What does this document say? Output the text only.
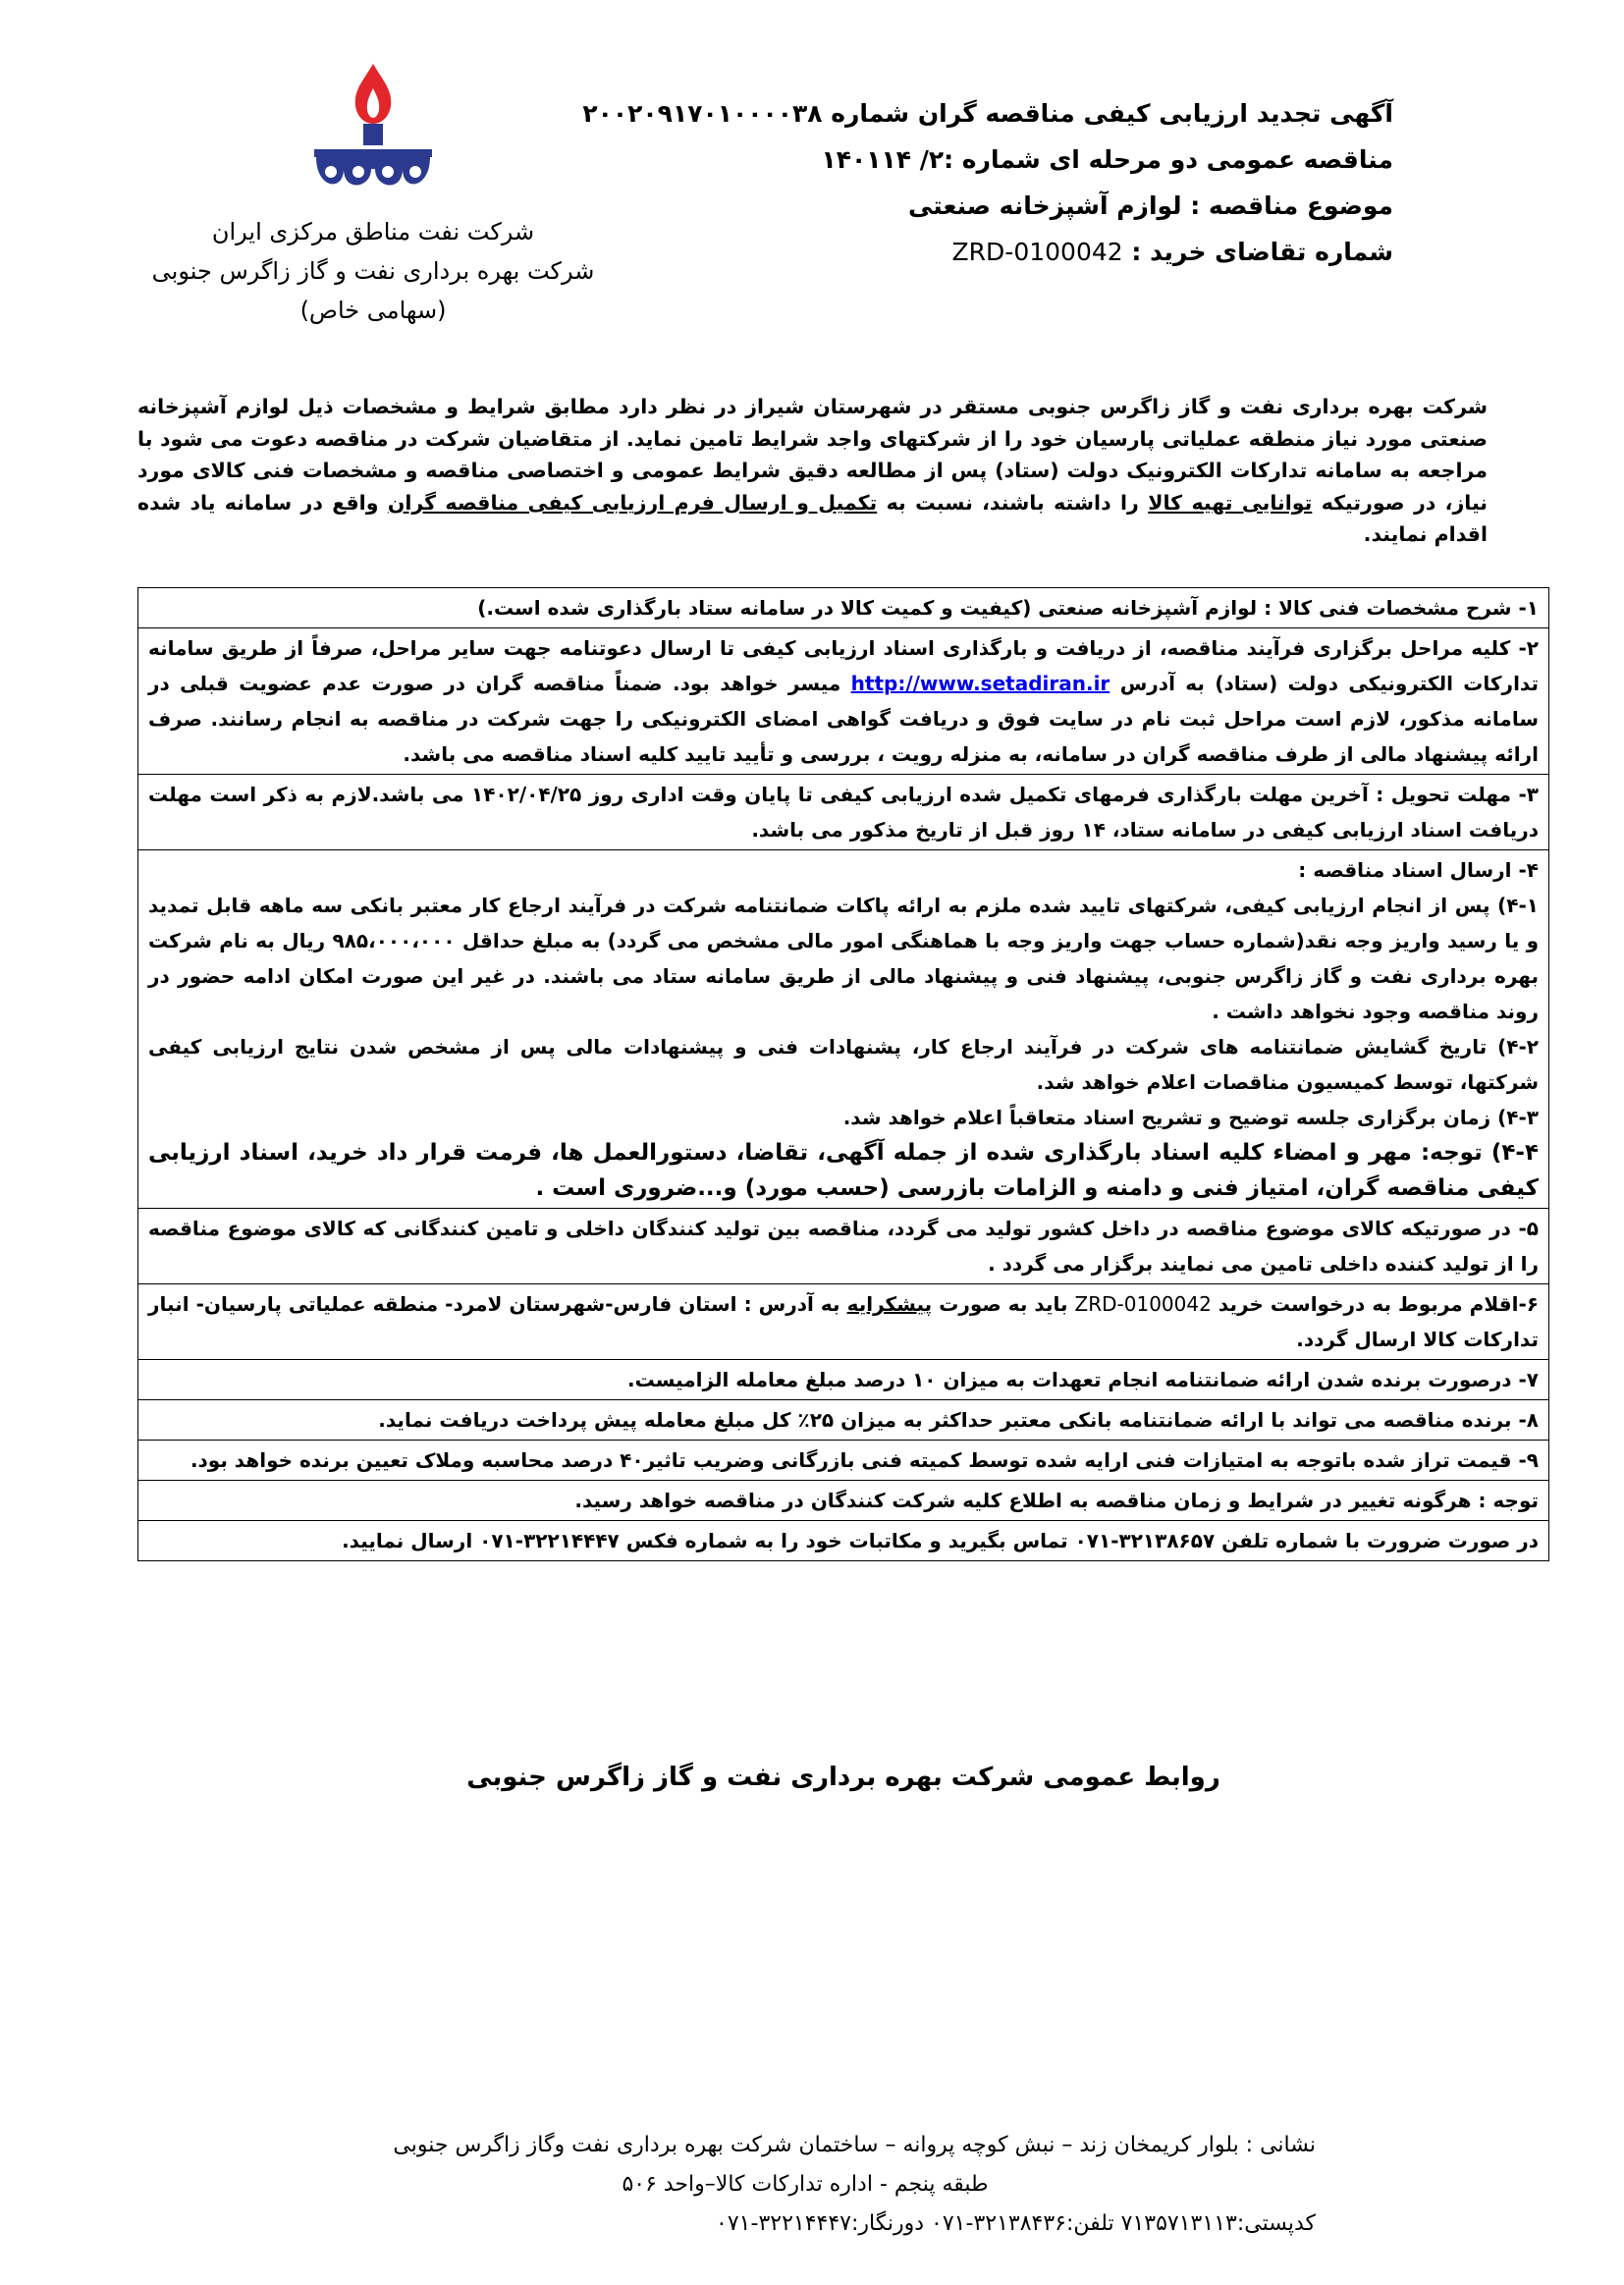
آگهی تجدید ارزیابی کیفی مناقصه گران شماره ۲۰۰۲۰۹۱۷۰۱۰۰۰۰۳۸
مناقصه عمومی دو مرحله ای شماره :۲/ ۱۴۰۱۱۴
موضوع مناقصه : لوازم آشپزخانه صنعتی
شماره تقاضای خرید : ZRD-0100042
شرکت نفت مناطق مرکزی ایران
شرکت بهره برداری نفت و گاز زاگرس جنوبی
(سهامی خاص)
شرکت بهره برداری نفت و گاز زاگرس جنوبی مستقر در شهرستان شیراز در نظر دارد مطابق شرایط و مشخصات ذیل لوازم آشپزخانه صنعتی مورد نیاز منطقه عملیاتی پارسیان خود را از شرکتهای واجد شرایط تامین نماید. از متقاضیان شرکت در مناقصه دعوت می شود با مراجعه به سامانه تدارکات الکترونیک دولت (ستاد) پس از مطالعه دقیق شرایط عمومی و اختصاصی مناقصه و مشخصات فنی کالای مورد نیاز، در صورتیکه توانایی تهیه کالا را داشته باشند، نسبت به تکمیل و ارسال فرم ارزیابی کیفی مناقصه گران واقع در سامانه یاد شده اقدام نمایند.
۱- شرح مشخصات فنی کالا : لوازم آشپزخانه صنعتی (کیفیت و کمیت کالا در سامانه ستاد بارگذاری شده است.)
۲- کلیه مراحل برگزاری فرآیند مناقصه، از دریافت و بارگذاری اسناد ارزیابی کیفی تا ارسال دعوتنامه جهت سایر مراحل، صرفاً از طریق سامانه تدارکات الکترونیکی دولت (ستاد) به آدرس http://www.setadiran.ir میسر خواهد بود. ضمناً مناقصه گران در صورت عدم عضویت قبلی در سامانه مذکور، لازم است مراحل ثبت نام در سایت فوق و دریافت گواهی امضای الکترونیکی را جهت شرکت در مناقصه به انجام رسانند. صرف ارائه پیشنهاد مالی از طرف مناقصه گران در سامانه، به منزله رویت ، بررسی و تأیید تایید کلیه اسناد مناقصه می باشد.
۳- مهلت تحویل : آخرین مهلت بارگذاری فرمهای تکمیل شده ارزیابی کیفی تا پایان وقت اداری روز ۱۴۰۲/۰۴/۲۵ می باشد.لازم به ذکر است مهلت دریافت اسناد ارزیابی کیفی در سامانه ستاد، ۱۴ روز قبل از تاریخ مذکور می باشد.

۴- ارسال اسناد مناقصه :
۴-۱) پس از انجام ارزیابی کیفی، شرکتهای تایید شده ملزم به ارائه پاکات ضمانتنامه شرکت در فرآیند ارجاع کار معتبر بانکی سه ماهه قابل تمدید و یا رسید واریز وجه نقد(شماره حساب جهت واریز وجه با هماهنگی امور مالی مشخص می گردد) به مبلغ حداقل ۹۸۵،۰۰۰،۰۰۰ ریال به نام شرکت بهره برداری نفت و گاز زاگرس جنوبی، پیشنهاد فنی و پیشنهاد مالی از طریق سامانه ستاد می باشند. در غیر این صورت امکان ادامه حضور در روند مناقصه وجود نخواهد داشت .
۴-۲) تاریخ گشایش ضمانتنامه های شرکت در فرآیند ارجاع کار، پشنهادات فنی و پیشنهادات مالی پس از مشخص شدن نتایج ارزیابی کیفی شرکتها، توسط کمیسیون مناقصات اعلام خواهد شد.
۴-۳) زمان برگزاری جلسه توضیح و تشریح اسناد متعاقباً اعلام خواهد شد.
۴-۴) توجه: مهر و امضاء کلیه اسناد بارگذاری شده از جمله آگهی، تقاضا، دستورالعمل ها، فرمت قرار داد خرید، اسناد ارزیابی کیفی مناقصه گران، امتیاز فنی و دامنه و الزامات بازرسی (حسب مورد) و...ضروری است .

۵- در صورتیکه کالای موضوع مناقصه در داخل کشور تولید می گردد، مناقصه بین تولید کنندگان داخلی و تامین کنندگانی که کالای موضوع مناقصه را از تولید کننده داخلی تامین می نمایند برگزار می گردد .
۶-اقلام مربوط به درخواست خرید ZRD-0100042 باید به صورت پیشکرایه به آدرس : استان فارس-شهرستان لامرد- منطقه عملیاتی پارسیان- انبار تدارکات کالا ارسال گردد.
۷- درصورت برنده شدن ارائه ضمانتنامه انجام تعهدات به میزان ۱۰ درصد مبلغ معامله الزامیست.
۸- برنده مناقصه می تواند با ارائه ضمانتنامه بانکی معتبر حداکثر به میزان ۲۵٪ کل مبلغ معامله پیش پرداخت دریافت نماید.
۹- قیمت تراز شده باتوجه به امتیازات فنی ارایه شده توسط کمیته فنی بازرگانی وضریب تاثیر۴۰ درصد محاسبه وملاک تعیین برنده خواهد بود.
توجه : هرگونه تغییر در شرایط و زمان مناقصه به اطلاع کلیه شرکت کنندگان در مناقصه خواهد رسید.
در صورت ضرورت با شماره تلفن ۳۲۱۳۸۶۵۷-۰۷۱ تماس بگیرید و مکاتبات خود را به شماره فکس ۳۲۲۱۴۴۴۷-۰۷۱ ارسال نمایید.
روابط عمومی شرکت بهره برداری نفت و گاز زاگرس جنوبی
نشانی : بلوار کریمخان زند – نبش کوچه پروانه – ساختمان شرکت بهره برداری نفت وگاز زاگرس جنوبی
طبقه پنجم - اداره تدارکات کالا–واحد ۵۰۶
کدپستی:۷۱۳۵۷۱۳۱۱۳ تلفن:۳۲۱۳۸۴۳۶-۰۷۱ دورنگار:۳۲۲۱۴۴۴۷-۰۷۱
